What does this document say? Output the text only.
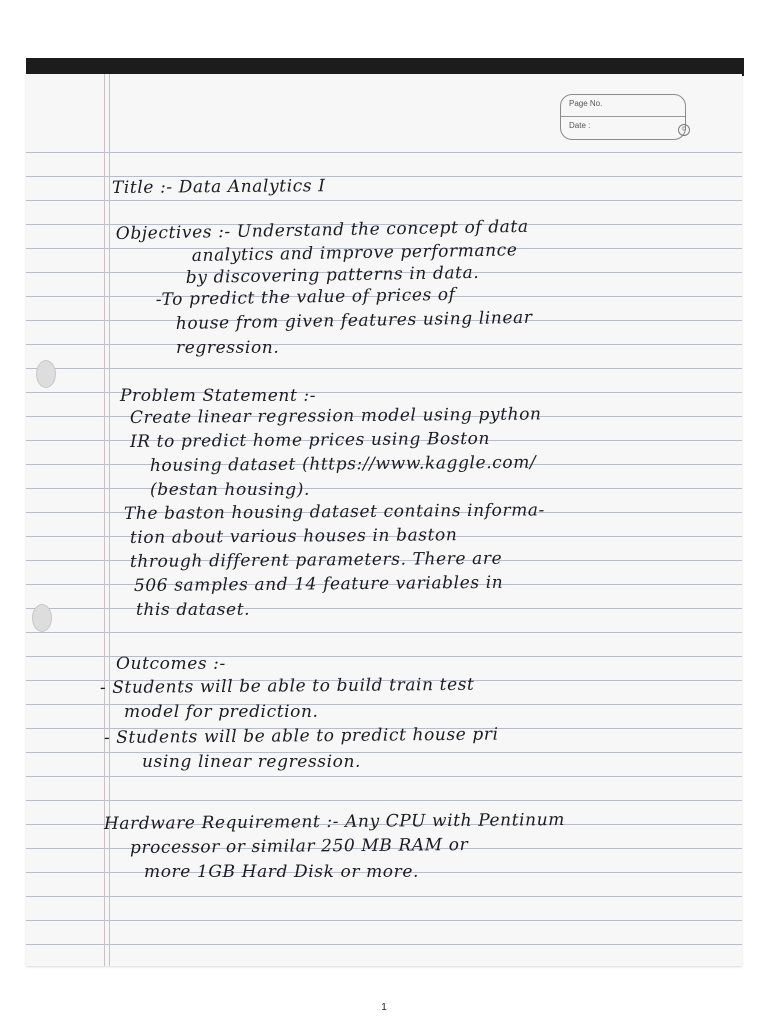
Page No.
Date :	©
Title :- Data Analytics I
Objectives :- Understand the concept of data
analytics and improve performance
by discovering patterns in data.
-To predict the value of prices of
house from given features using linear
regression.
Problem Statement :-
Create linear regression model using python
IR to predict home prices using Boston
housing dataset (https://www.kaggle.com/
(bestan housing).
The baston housing dataset contains informa-
tion about various houses in baston
through different parameters. There are
506 samples and 14 feature variables in
this dataset.
Outcomes :-
- Students will be able to build train test
model for prediction.
- Students will be able to predict house pri
using linear regression.
Hardware Requirement :- Any CPU with Pentinum
processor or similar 250 MB RAM or
more 1GB Hard Disk or more.
1
